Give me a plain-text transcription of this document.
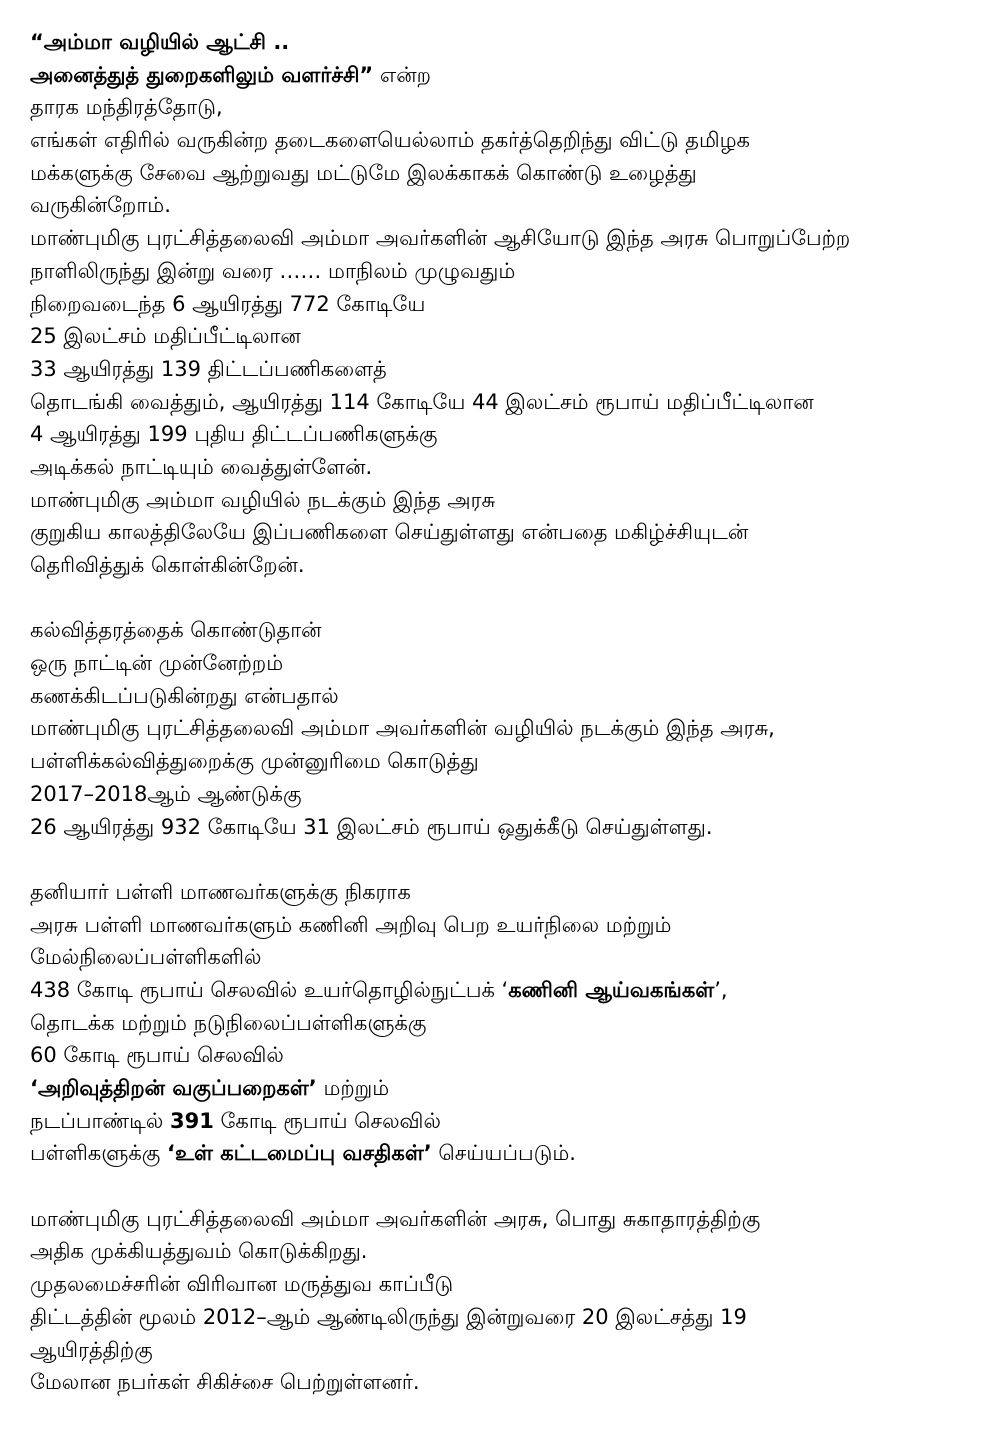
“அம்மா வழியில் ஆட்சி ..
அனைத்துத் துறைகளிலும் வளர்ச்சி” என்ற
தாரக மந்திரத்தோடு,
எங்கள் எதிரில் வருகின்ற தடைகளையெல்லாம் தகர்த்தெறிந்து விட்டு தமிழக
மக்களுக்கு சேவை ஆற்றுவது மட்டுமே இலக்காகக் கொண்டு உழைத்து
வருகின்றோம்.
மாண்புமிகு புரட்சித்தலைவி அம்மா அவர்களின் ஆசியோடு இந்த அரசு பொறுப்பேற்ற
நாளிலிருந்து இன்று வரை …… மாநிலம் முழுவதும்
நிறைவடைந்த 6 ஆயிரத்து 772 கோடியே
25 இலட்சம் மதிப்பீட்டிலான
33 ஆயிரத்து 139 திட்டப்பணிகளைத்
தொடங்கி வைத்தும், ஆயிரத்து 114 கோடியே 44 இலட்சம் ரூபாய் மதிப்பீட்டிலான
4 ஆயிரத்து 199 புதிய திட்டப்பணிகளுக்கு
அடிக்கல் நாட்டியும் வைத்துள்ளேன்.
மாண்புமிகு அம்மா வழியில் நடக்கும் இந்த அரசு
குறுகிய காலத்திலேயே இப்பணிகளை செய்துள்ளது என்பதை மகிழ்ச்சியுடன்
தெரிவித்துக் கொள்கின்றேன்.
கல்வித்தரத்தைக் கொண்டுதான்
ஒரு நாட்டின் முன்னேற்றம்
கணக்கிடப்படுகின்றது என்பதால்
மாண்புமிகு புரட்சித்தலைவி அம்மா அவர்களின் வழியில் நடக்கும் இந்த அரசு,
பள்ளிக்கல்வித்துறைக்கு முன்னுரிமை கொடுத்து
2017–2018ஆம் ஆண்டுக்கு
26 ஆயிரத்து 932 கோடியே 31 இலட்சம் ரூபாய் ஒதுக்கீடு செய்துள்ளது.
தனியார் பள்ளி மாணவர்களுக்கு நிகராக
அரசு பள்ளி மாணவர்களும் கணினி அறிவு பெற உயர்நிலை மற்றும்
மேல்நிலைப்பள்ளிகளில்
438 கோடி ரூபாய் செலவில் உயர்தொழில்நுட்பக் ‘கணினி ஆய்வகங்கள்’,
தொடக்க மற்றும் நடுநிலைப்பள்ளிகளுக்கு
60 கோடி ரூபாய் செலவில்
‘அறிவுத்திறன் வகுப்பறைகள்’ மற்றும்
நடப்பாண்டில் 391 கோடி ரூபாய் செலவில்
பள்ளிகளுக்கு ‘உள் கட்டமைப்பு வசதிகள்’ செய்யப்படும்.
மாண்புமிகு புரட்சித்தலைவி அம்மா அவர்களின் அரசு, பொது சுகாதாரத்திற்கு
அதிக முக்கியத்துவம் கொடுக்கிறது.
முதலமைச்சரின் விரிவான மருத்துவ காப்பீடு
திட்டத்தின் மூலம் 2012–ஆம் ஆண்டிலிருந்து இன்றுவரை 20 இலட்சத்து 19
ஆயிரத்திற்கு
மேலான நபர்கள் சிகிச்சை பெற்றுள்ளனர்.
